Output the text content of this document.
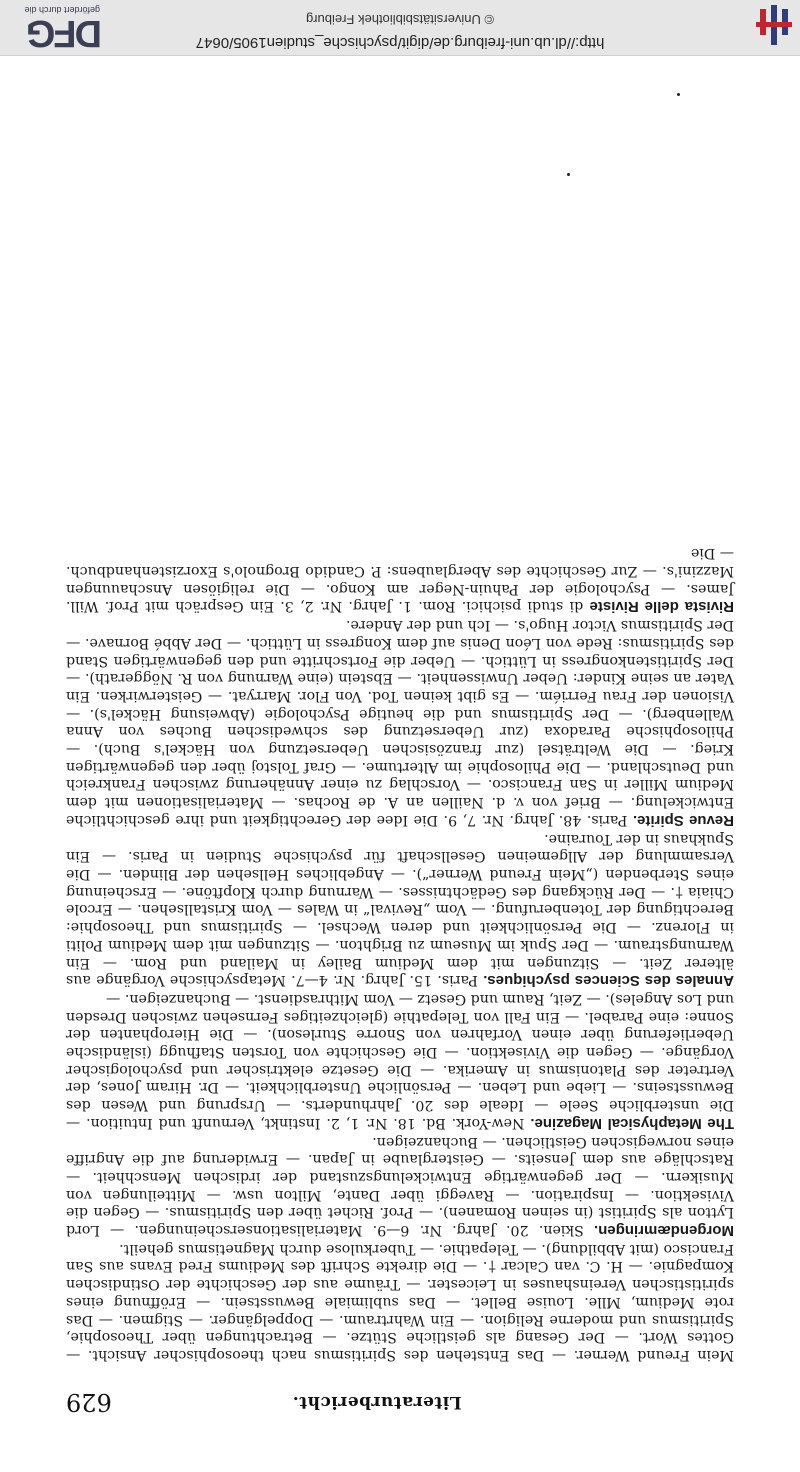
Literaturbericht.
629

Mein Freund Werner. — Das Entstehen des Spiritismus nach theosophischer Ansicht. — Gottes Wort. — Der Gesang als geistliche Stütze. — Betrachtungen über Theosophie, Spiritismus und moderne Religion. — Ein Wahrtraum. — Doppelgänger. — Stigmen. — Das rote Medium, Mlle. Louise Bellet. — Das sublimiale Bewusstsein. — Eröffnung eines spiritistischen Vereinshauses in Leicester. — Träume aus der Geschichte der Ostindischen Kompagnie. — H. C. van Calcar †. — Die direkte Schrift des Mediums Fred Evans aus San Francisco (mit Abbildung). — Telepathie. — Tuberkulose durch Magnetismus geheilt.

Morgendæmringen. Skien. 20. Jahrg. Nr. 6—9. Materialisationserscheinungen. — Lord Lytton als Spiritist (in seinen Romanen). — Prof. Richet über den Spiritismus. — Gegen die Vivisektion. — Inspiration. — Raveggi über Dante, Milton usw. — Mitteilungen von Musikern. — Der gegenwärtige Entwickelungszustand der irdischen Menschheit. — Ratschläge aus dem Jenseits. — Geisterglaube in Japan. — Erwiderung auf die Angriffe eines norwegischen Geistlichen. — Buchanzeigen.

The Metaphysical Magazine. New-York. Bd. 18. Nr. 1, 2. Instinkt, Vernunft und Intuition. — Die unsterbliche Seele — Ideale des 20. Jahrhunderts. — Ursprung und Wesen des Bewusstseins. — Liebe und Leben. — Persönliche Unsterblichkeit. — Dr. Hiram Jones, der Vertreter des Platonismus in Amerika. — Die Gesetze elektrischer und psychologischer Vorgänge. — Gegen die Vivisektion. — Die Geschichte von Torsten Stafhugg (isländische Ueberlieferung über einen Vorfahren von Snorre Sturleson). — Die Hierophanten der Sonne: eine Parabel. — Ein Fall von Telepathie (gleichzeitiges Fernsehen zwischen Dresden und Los Angeles). — Zeit, Raum und Gesetz — Vom Mithrasdienst. — Buchanzeigen. —

Annales des Sciences psychiques. Paris. 15. Jahrg. Nr. 4—7. Metapsychische Vorgänge aus älterer Zeit. — Sitzungen mit dem Medium Bailey in Mailand und Rom. — Ein Warnungstraum. — Der Spuk im Museum zu Brighton. — Sitzungen mit dem Medium Politi in Florenz. — Die Persönlichkeit und deren Wechsel. — Spiritismus und Theosophie: Berechtigung der Totenberufung. — Vom „Revival“ in Wales — Vom Kristallsehen. — Ercole Chiaia †. — Der Rückgang des Gedächtnisses. — Warnung durch Klopftöne. — Erscheinung eines Sterbenden („Mein Freund Werner“). — Angebliches Hellsehen der Blinden. — Die Versammlung der Allgemeinen Gesellschaft für psychische Studien in Paris. — Ein Spukhaus in der Touraine.

Revue Spirite. Paris. 48. Jahrg. Nr. 7, 9. Die Idee der Gerechtigkeit und ihre geschichtliche Entwickelung. — Brief von v. d. Naillen an A. de Rochas. — Materialisationen mit dem Medium Miller in San Francisco. — Vorschlag zu einer Annäherung zwischen Frankreich und Deutschland. — Die Philosophie im Altertume. — Graf Tolstoj über den gegenwärtigen Krieg. — Die Welträtsel (zur französischen Uebersetzung von Häckel's Buch). — Philosophische Paradoxa (zur Uebersetzung des schwedischen Buches von Anna Wallenberg). — Der Spiritismus und die heutige Psychologie (Abweisung Häckel's). — Visionen der Frau Ferriém. — Es gibt keinen Tod. Von Flor. Marryat. — Geisterwirken. Ein Vater an seine Kinder: Ueber Unwissenheit. — Ebstein (eine Warnung von R. Nöggerath). — Der Spiritistenkongress in Lüttich. — Ueber die Fortschritte und den gegenwärtigen Stand des Spiritismus: Rede von Léon Denis auf dem Kongress in Lüttich. — Der Abbé Bornave. — Der Spiritismus Victor Hugo's. — Ich und der Andere.

Rivista delle Riviste di studi psichici. Rom. 1. Jahrg. Nr. 2, 3. Ein Gespräch mit Prof. Will. James. — Psychologie der Pahuin-Neger am Kongo. — Die religiösen Anschauungen Mazzini's. — Zur Geschichte des Aberglaubens: P. Candido Brognolo's Exorzistenhandbuch. — Die

http://dl.ub.uni-freiburg.de/digit/psychische_studien1905/0647
© Universitätsbibliothek Freiburg
DFG
gefördert durch die
